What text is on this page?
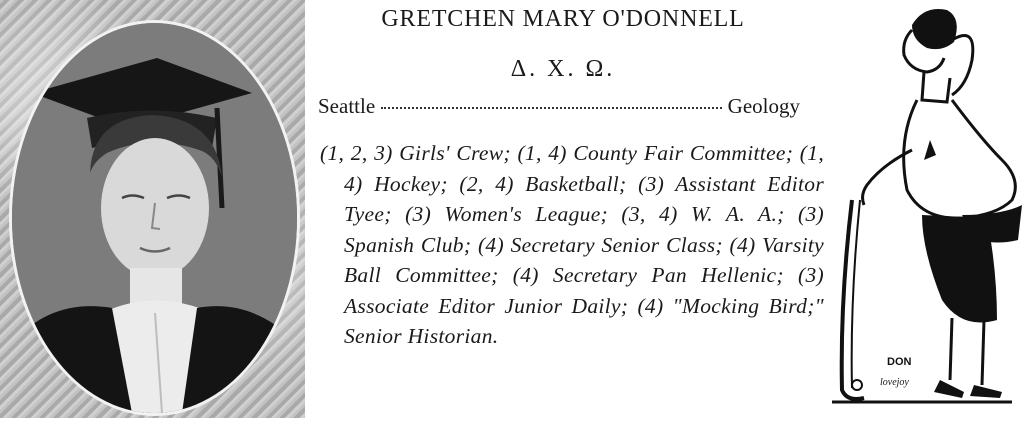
GRETCHEN MARY O'DONNELL
Δ. X. Ω.
Seattle	Geology
(1, 2, 3) Girls' Crew; (1, 4) County Fair Committee; (1, 4) Hockey; (2, 4) Basketball; (3) Assistant Editor Tyee; (3) Women's League; (3, 4) W. A. A.; (3) Spanish Club; (4) Secretary Senior Class; (4) Varsity Ball Committee; (4) Secretary Pan Hellenic; (3) Associate Editor Junior Daily; (4) "Mocking Bird;" Senior Historian.
DON
lovejoy
